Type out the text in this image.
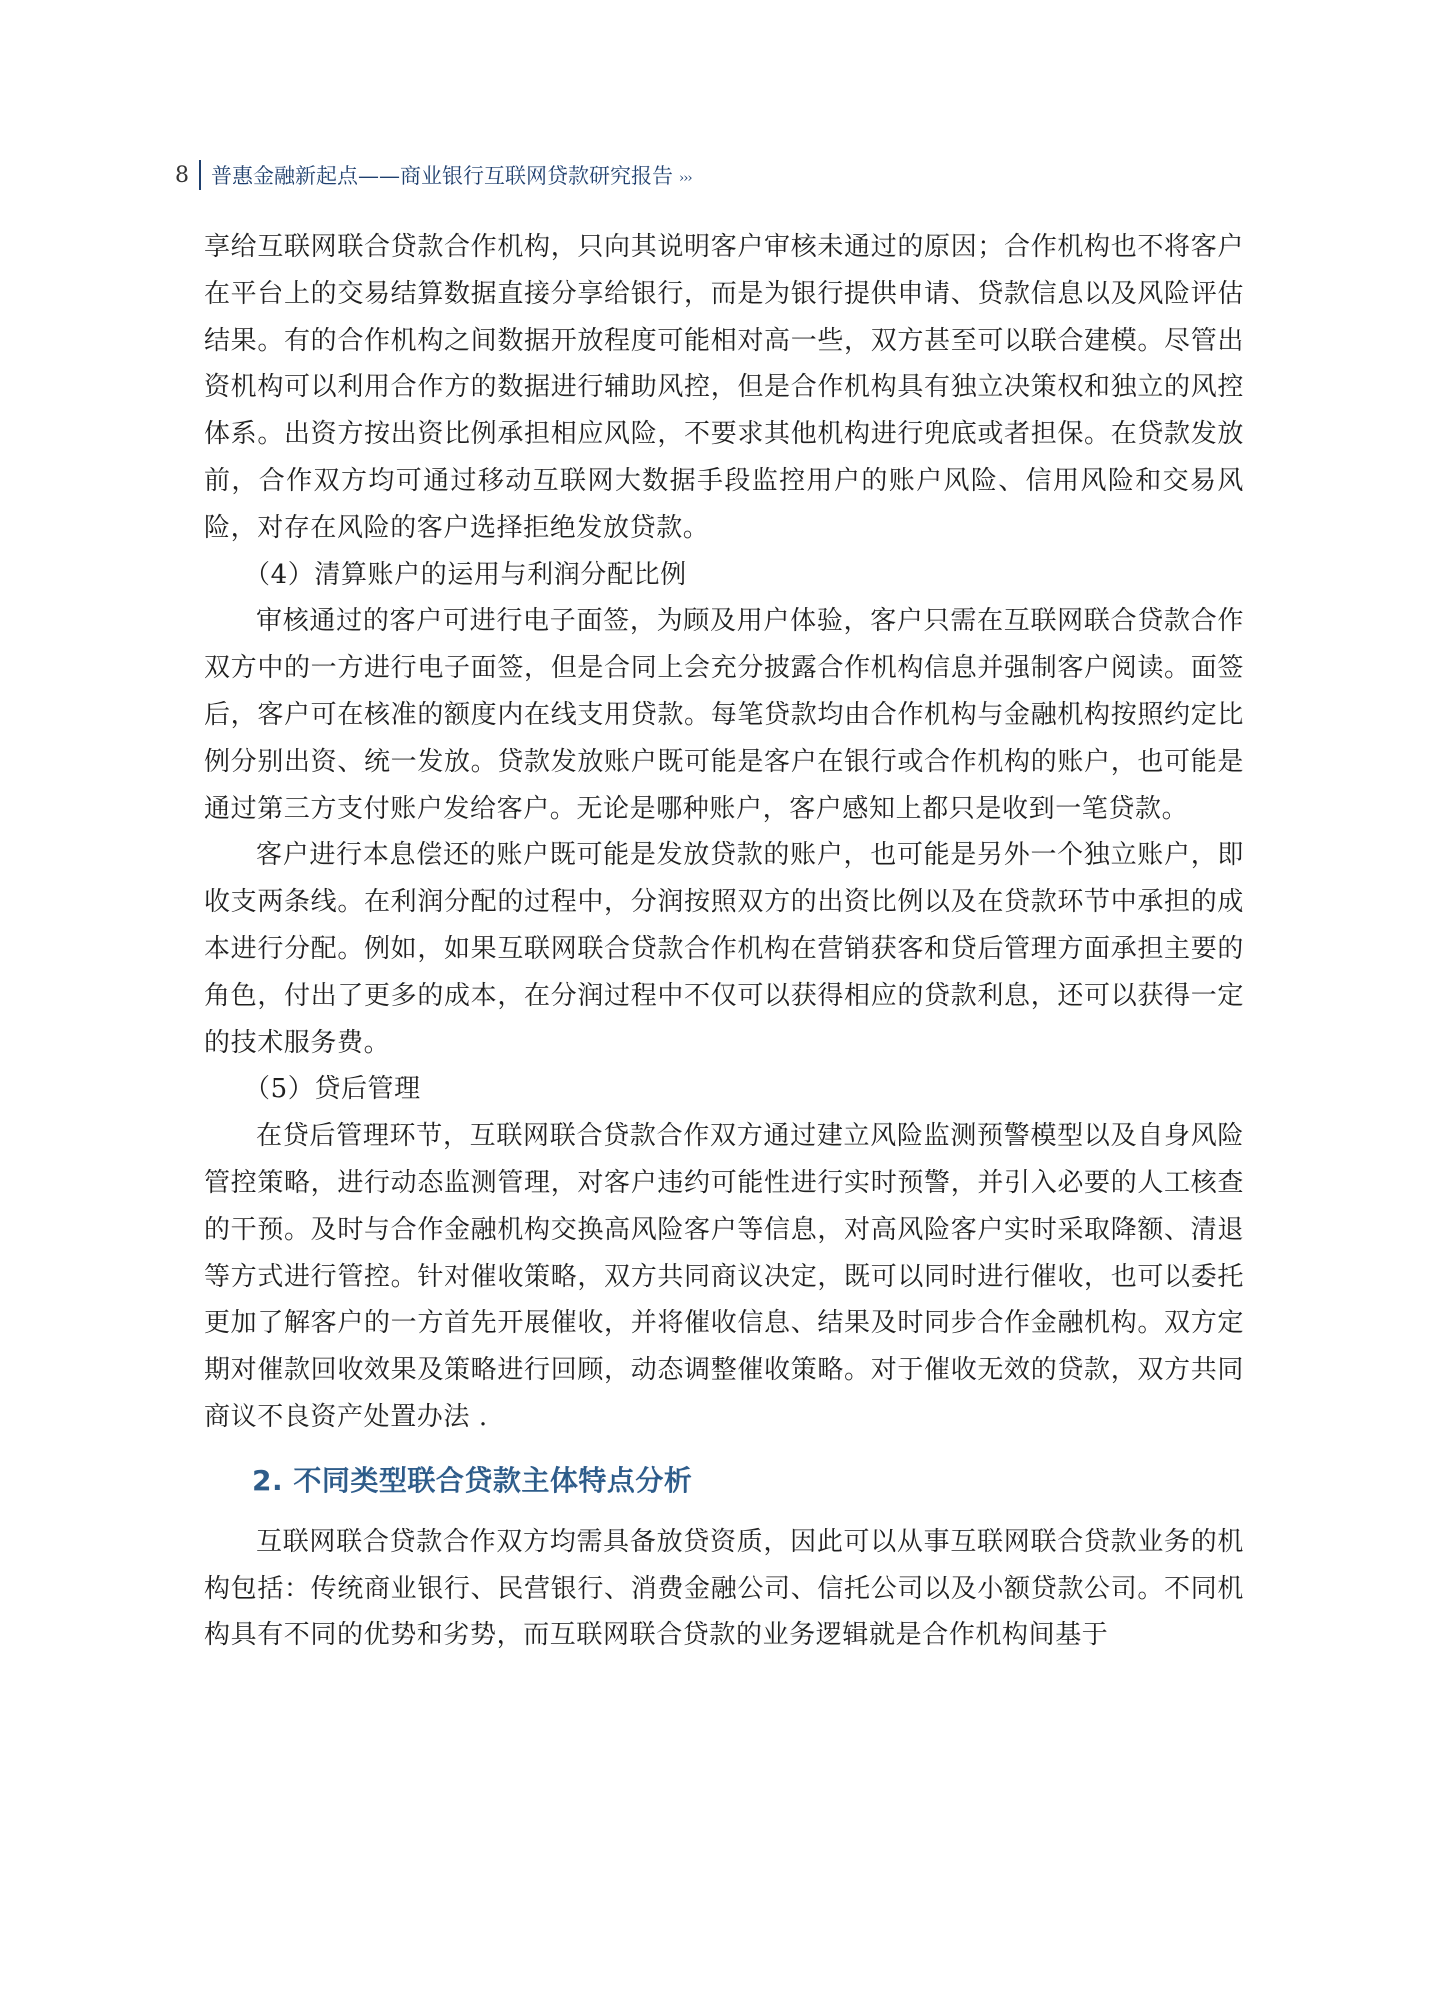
8 普惠金融新起点——商业银行互联网贷款研究报告 ›››

享给互联网联合贷款合作机构，只向其说明客户审核未通过的原因；合作机构也不将客户在平台上的交易结算数据直接分享给银行，而是为银行提供申请、贷款信息以及风险评估结果。有的合作机构之间数据开放程度可能相对高一些，双方甚至可以联合建模。尽管出资机构可以利用合作方的数据进行辅助风控，但是合作机构具有独立决策权和独立的风控体系。出资方按出资比例承担相应风险，不要求其他机构进行兜底或者担保。在贷款发放前，合作双方均可通过移动互联网大数据手段监控用户的账户风险、信用风险和交易风险，对存在风险的客户选择拒绝发放贷款。

（4）清算账户的运用与利润分配比例

审核通过的客户可进行电子面签，为顾及用户体验，客户只需在互联网联合贷款合作双方中的一方进行电子面签，但是合同上会充分披露合作机构信息并强制客户阅读。面签后，客户可在核准的额度内在线支用贷款。每笔贷款均由合作机构与金融机构按照约定比例分别出资、统一发放。贷款发放账户既可能是客户在银行或合作机构的账户，也可能是通过第三方支付账户发给客户。无论是哪种账户，客户感知上都只是收到一笔贷款。

客户进行本息偿还的账户既可能是发放贷款的账户，也可能是另外一个独立账户，即收支两条线。在利润分配的过程中，分润按照双方的出资比例以及在贷款环节中承担的成本进行分配。例如，如果互联网联合贷款合作机构在营销获客和贷后管理方面承担主要的角色，付出了更多的成本，在分润过程中不仅可以获得相应的贷款利息，还可以获得一定的技术服务费。

（5）贷后管理

在贷后管理环节，互联网联合贷款合作双方通过建立风险监测预警模型以及自身风险管控策略，进行动态监测管理，对客户违约可能性进行实时预警，并引入必要的人工核查的干预。及时与合作金融机构交换高风险客户等信息，对高风险客户实时采取降额、清退等方式进行管控。针对催收策略，双方共同商议决定，既可以同时进行催收，也可以委托更加了解客户的一方首先开展催收，并将催收信息、结果及时同步合作金融机构。双方定期对催款回收效果及策略进行回顾，动态调整催收策略。对于催收无效的贷款，双方共同商议不良资产处置办法 .

2. 不同类型联合贷款主体特点分析

互联网联合贷款合作双方均需具备放贷资质，因此可以从事互联网联合贷款业务的机构包括：传统商业银行、民营银行、消费金融公司、信托公司以及小额贷款公司。不同机构具有不同的优势和劣势，而互联网联合贷款的业务逻辑就是合作机构间基于
